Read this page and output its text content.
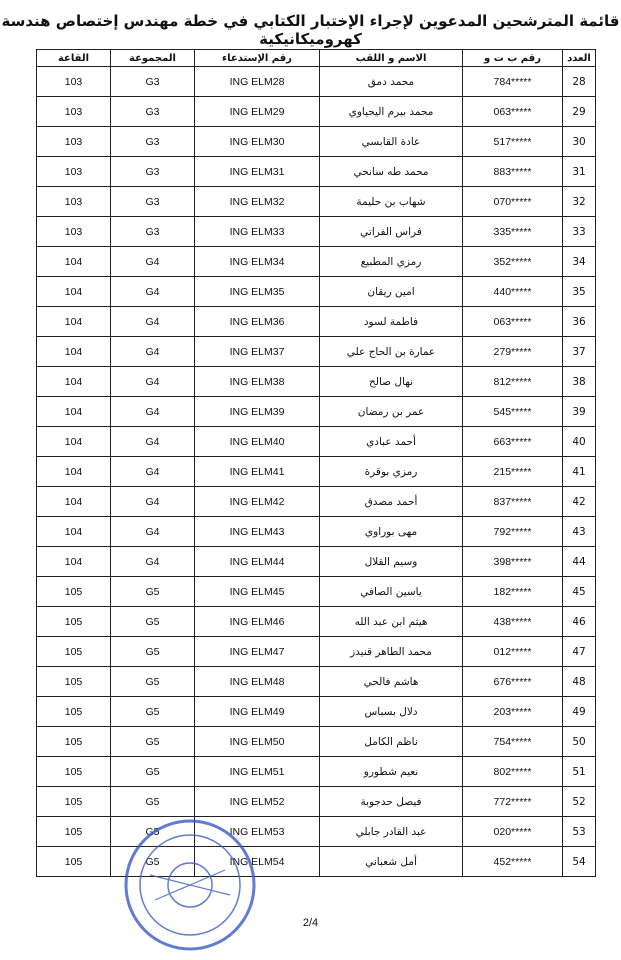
قائمة المترشحين المدعوين لإجراء الإختبار الكتابي في خطة مهندس إختصاص هندسة كهروميكانيكية
العدد	رقم ب ت و	الاسم و اللقب	رقم الإستدعاء	المجموعة	القاعة
28	784*****	محمد دمق	ING ELM28	G3	103
29	063*****	محمد بيرم اليحياوي	ING ELM29	G3	103
30	517*****	عادة القابسي	ING ELM30	G3	103
31	883*****	محمد طه سانحي	ING ELM31	G3	103
32	070*****	شهاب بن حليمة	ING ELM32	G3	103
33	335*****	فراس الفراتي	ING ELM33	G3	103
34	352*****	رمزي المطبيع	ING ELM34	G4	104
35	440*****	امين ريقان	ING ELM35	G4	104
36	063*****	فاطمة لسود	ING ELM36	G4	104
37	279*****	عمارة بن الحاج علي	ING ELM37	G4	104
38	812*****	نهال صالح	ING ELM38	G4	104
39	545*****	عمر بن رمضان	ING ELM39	G4	104
40	663*****	أحمد عبادي	ING ELM40	G4	104
41	215*****	رمزي بوقرة	ING ELM41	G4	104
42	837*****	أحمد مصدق	ING ELM42	G4	104
43	792*****	مهى بوراوي	ING ELM43	G4	104
44	398*****	وسيم القلال	ING ELM44	G4	104
45	182*****	ياسين الصافي	ING ELM45	G5	105
46	438*****	هيثم ابن عبد الله	ING ELM46	G5	105
47	012*****	محمد الطاهر قنيدز	ING ELM47	G5	105
48	676*****	هاشم فالحي	ING ELM48	G5	105
49	203*****	دلال بسباس	ING ELM49	G5	105
50	754*****	ناظم الكامل	ING ELM50	G5	105
51	802*****	نعيم شطورو	ING ELM51	G5	105
52	772*****	فيصل حدجوبة	ING ELM52	G5	105
53	020*****	عبد القادر جابلي	ING ELM53	G5	105
54	452*****	أمل شعباني	ING ELM54	G5	105
2/4
